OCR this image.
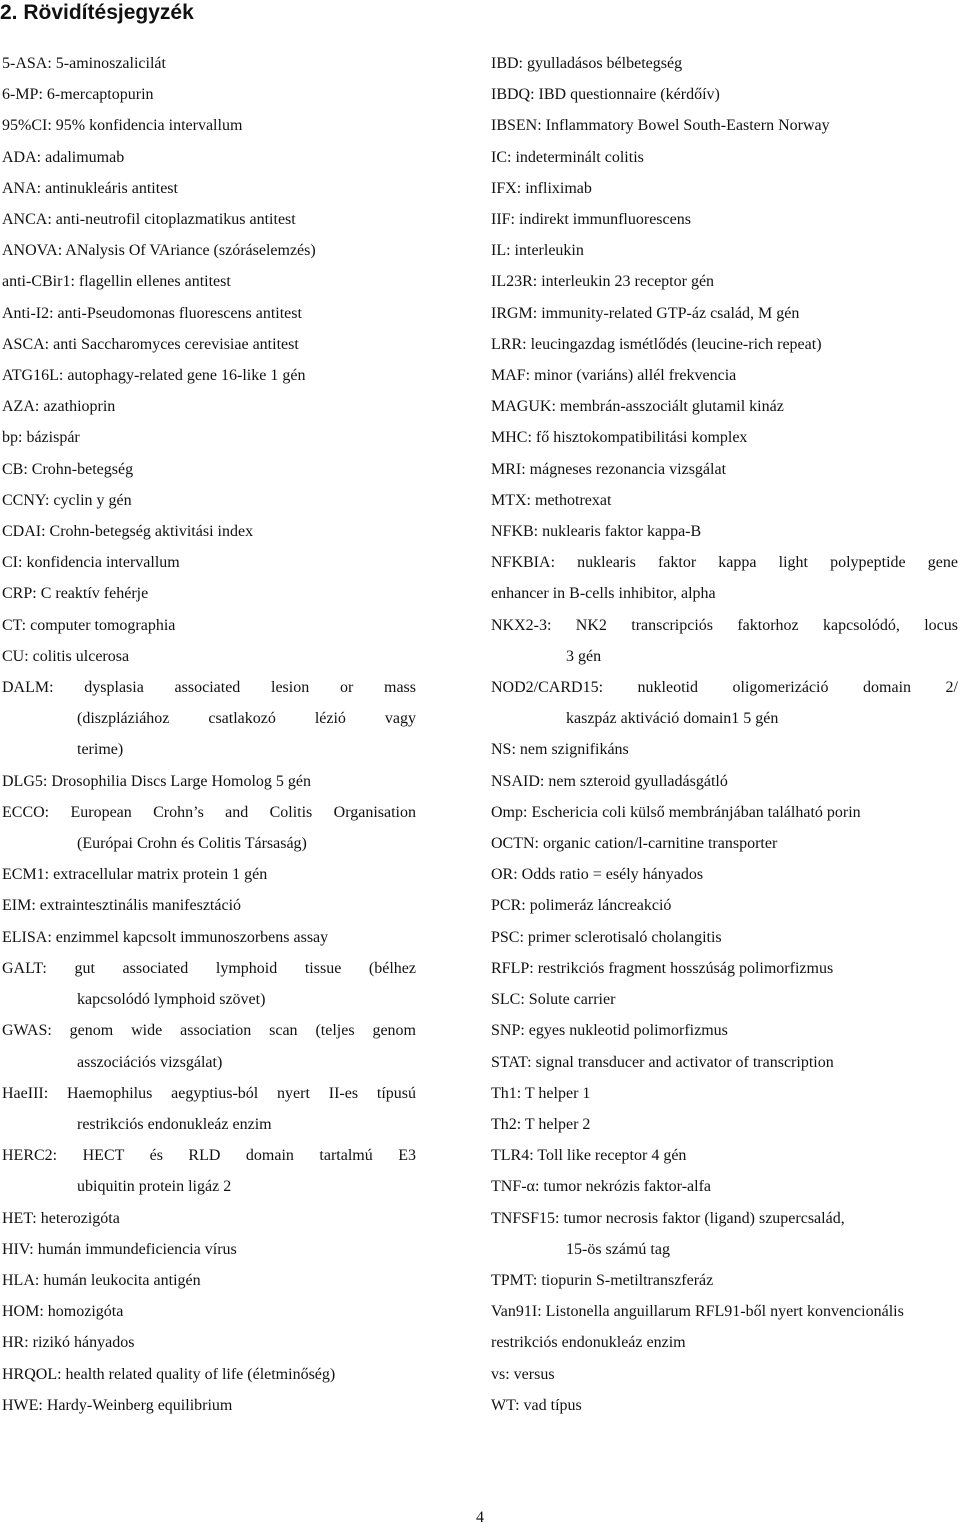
2. Rövidítésjegyzék
5-ASA: 5-aminoszalicilát
6-MP: 6-mercaptopurin
95%CI: 95% konfidencia intervallum
ADA: adalimumab
ANA: antinukleáris antitest
ANCA: anti-neutrofil citoplazmatikus antitest
ANOVA: ANalysis Of VAriance (szóráselemzés)
anti-CBir1: flagellin ellenes antitest
Anti-I2: anti-Pseudomonas fluorescens antitest
ASCA: anti Saccharomyces cerevisiae antitest
ATG16L: autophagy-related gene 16-like 1 gén
AZA: azathioprin
bp: bázispár
CB: Crohn-betegség
CCNY: cyclin y gén
CDAI: Crohn-betegség aktivitási index
CI: konfidencia intervallum
CRP: C reaktív fehérje
CT: computer tomographia
CU: colitis ulcerosa
DALM: dysplasia associated lesion or mass
(diszpláziához csatlakozó lézió vagy
terime)
DLG5: Drosophilia Discs Large Homolog 5 gén
ECCO: European Crohn’s and Colitis Organisation
(Európai Crohn és Colitis Társaság)
ECM1: extracellular matrix protein 1 gén
EIM: extraintesztinális manifesztáció
ELISA: enzimmel kapcsolt immunoszorbens assay
GALT: gut associated lymphoid tissue (bélhez
kapcsolódó lymphoid szövet)
GWAS: genom wide association scan (teljes genom
asszociációs vizsgálat)
HaeIII: Haemophilus aegyptius-ból nyert II-es típusú
restrikciós endonukleáz enzim
HERC2: HECT és RLD domain tartalmú E3
ubiquitin protein ligáz 2
HET: heterozigóta
HIV: humán immundeficiencia vírus
HLA: humán leukocita antigén
HOM: homozigóta
HR: rizikó hányados
HRQOL: health related quality of life (életminőség)
HWE: Hardy-Weinberg equilibrium
IBD: gyulladásos bélbetegség
IBDQ: IBD questionnaire (kérdőív)
IBSEN: Inflammatory Bowel South-Eastern Norway
IC: indeterminált colitis
IFX: infliximab
IIF: indirekt immunfluorescens
IL: interleukin
IL23R: interleukin 23 receptor gén
IRGM: immunity-related GTP-áz család, M gén
LRR: leucingazdag ismétlődés (leucine-rich repeat)
MAF: minor (variáns) allél frekvencia
MAGUK: membrán-asszociált glutamil kináz
MHC: fő hisztokompatibilitási komplex
MRI: mágneses rezonancia vizsgálat
MTX: methotrexat
NFKB: nuklearis faktor kappa-B
NFKBIA: nuklearis faktor kappa light polypeptide gene
enhancer in B-cells inhibitor, alpha
NKX2-3: NK2 transcripciós faktorhoz kapcsolódó, locus
3 gén
NOD2/CARD15: nukleotid oligomerizáció domain 2/
kaszpáz aktiváció domain1 5 gén
NS: nem szignifikáns
NSAID: nem szteroid gyulladásgátló
Omp: Eschericia coli külső membránjában található porin
OCTN: organic cation/l-carnitine transporter
OR: Odds ratio = esély hányados
PCR: polimeráz láncreakció
PSC: primer sclerotisaló cholangitis
RFLP: restrikciós fragment hosszúság polimorfizmus
SLC: Solute carrier
SNP: egyes nukleotid polimorfizmus
STAT: signal transducer and activator of transcription
Th1: T helper 1
Th2: T helper 2
TLR4: Toll like receptor 4 gén
TNF-α: tumor nekrózis faktor-alfa
TNFSF15: tumor necrosis faktor (ligand) szupercsalád,
15-ös számú tag
TPMT: tiopurin S-metiltranszferáz
Van91I: Listonella anguillarum RFL91-ből nyert konvencionális
restrikciós endonukleáz enzim
vs: versus
WT: vad típus
4
